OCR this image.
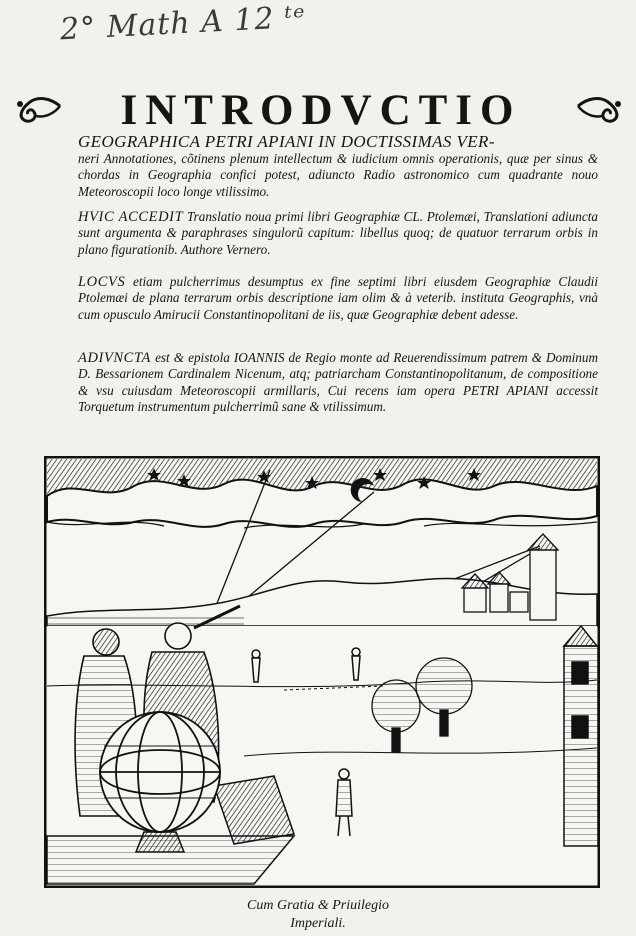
2° Math A 12 ᵗᵉ
INTRODVCTIO
GEOGRAPHICA PETRI APIANI IN DOCTISSIMAS VER-
neri Annotationes, cõtinens plenum intellectum & iudicium omnis operationis, quæ per sinus & chordas in Geographia confici potest, adiuncto Radio astronomico cum quadrante nouo Meteoroscopii loco longe vtilissimo.
HVIC ACCEDIT Translatio noua primi libri Geographiæ CL. Ptolemæi, Translationi adiuncta sunt argumenta & paraphrases singulorũ capitum: libellus quoq; de quatuor terrarum orbis in plano figurationib. Authore Vernero.
LOCVS etiam pulcherrimus desumptus ex fine septimi libri eiusdem Geographiæ Claudii Ptolemæi de plana terrarum orbis descriptione iam olim & à veterib. instituta Geographis, vnà cum opusculo Amirucii Constantinopolitani de iis, quæ Geographiæ debent adesse.
ADIVNCTA est & epistola IOANNIS de Regio monte ad Reuerendissimum patrem & Dominum D. Bessarionem Cardinalem Nicenum, atq; patriarcham Constantinopolitanum, de compositione & vsu cuiusdam Meteoroscopii armillaris, Cui recens iam opera PETRI APIANI accessit Torquetum instrumentum pulcherrimũ sane & vtilissimum.
Cum Gratia & Priuilegio
Imperiali.
